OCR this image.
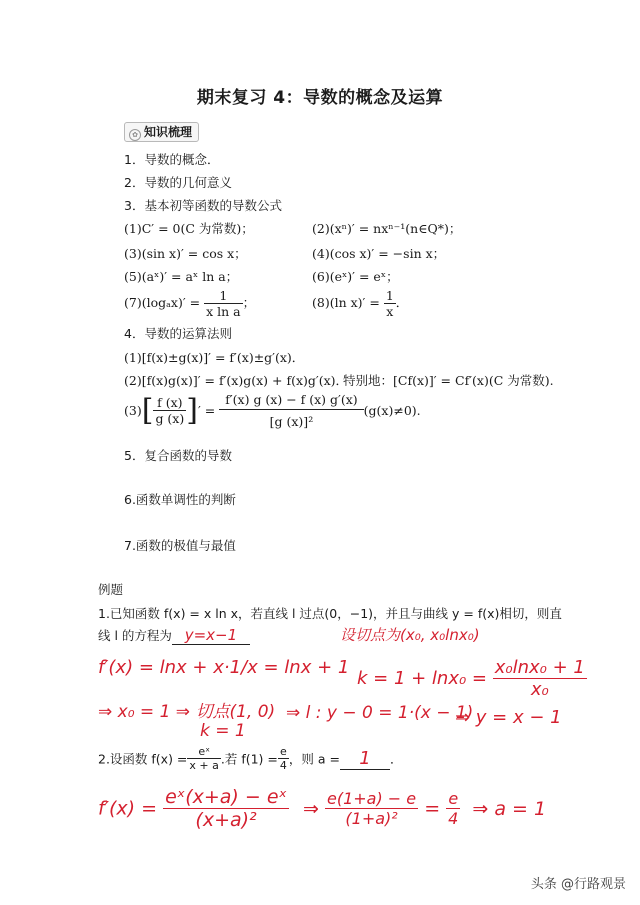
期末复习 4：导数的概念及运算
✿ 知识梳理
1．导数的概念．
2．导数的几何意义
3．基本初等函数的导数公式
(1)C′ = 0(C 为常数)；	(2)(xⁿ)′ = nxⁿ⁻¹(n∈Q*)；
(3)(sin x)′ = cos x；	(4)(cos x)′ = −sin x；
(5)(aˣ)′ = aˣ ln a；	(6)(eˣ)′ = eˣ；
$(7)(\log_ax)' = \frac{1}{\text{x ln a}}$ ；	(8)(ln $x)' = \frac{1}{x}$ ．
4．导数的运算法则
(1)[f(x)±g(x)]′ = f′(x)±g′(x)．
(2)[f(x)g(x)]′ = f′(x)g(x) + f(x)g′(x)．
特别地：[Cf(x)]′ = Cf′(x)(C 为常数).
$(3)[ \frac{f (x)}{g (x)}$ ]′ = $\frac{f'(x) g (x) - f (x) g'(x)}{\text{[g (x)]²}} (g(x)\ne 0)$.
5．复合函数的导数
6.函数单调性的判断
7.函数的极值与最值
例题
1.已知函数 f(x) = x ln x，若直线 l 过点(0，−1)，并且与曲线 y = f(x)相切，则直
线 l 的方程为 y=x−1	设切点为(x₀, x₀lnx₀)
f′(x) = lnx + x·1/x = lnx + 1
$k = 1 + \ln x_0 = \frac{\text{x₀lnx₀ + 1}}{\text{x₀}}$
⇒ x₀ = 1 ⇒ 切点(1, 0)
k = 1
⇒ l : y − 0 = 1·(x − 1)
⇒ y = x − 1
2.设函数 $f(x) = \frac{\text{eˣ}}{x + a}$ .若 $f(1) = \frac{e}{4}$ ，则 a = 1 ．
$f'(x) = \frac{\text{eˣ(x+a) − eˣ}}{\text{(x+a)²}}$ ⇒ $\frac{e(1+a) - e}{\text{(1+a)²}} = \frac{e}{4}$ ⇒ a = 1
头条 @行路观景
